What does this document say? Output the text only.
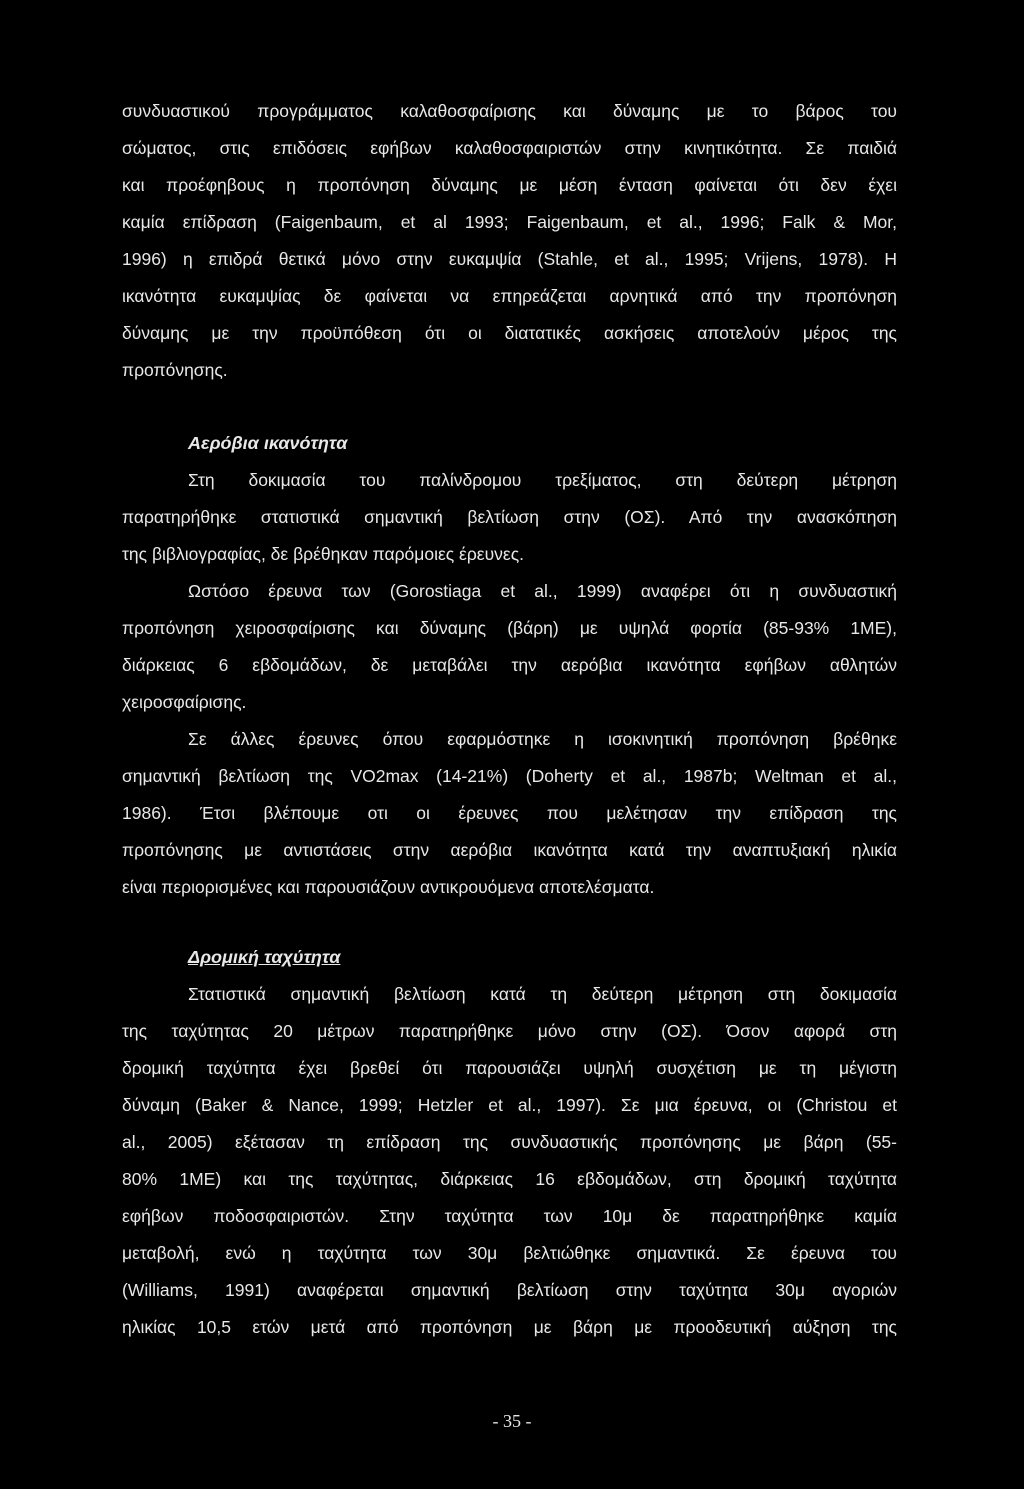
συνδυαστικού προγράμματος καλαθοσφαίρισης και δύναμης με το βάρος του
σώματος, στις επιδόσεις εφήβων καλαθοσφαιριστών στην κινητικότητα. Σε παιδιά
και προέφηβους η προπόνηση δύναμης με μέση ένταση φαίνεται ότι δεν έχει
καμία επίδραση (Faigenbaum, et al 1993; Faigenbaum, et al., 1996; Falk & Mor,
1996) η επιδρά θετικά μόνο στην ευκαμψία (Stahle, et al., 1995; Vrijens, 1978). Η
ικανότητα ευκαμψίας δε φαίνεται να επηρεάζεται αρνητικά από την προπόνηση
δύναμης με την προϋπόθεση ότι οι διατατικές ασκήσεις αποτελούν μέρος της
προπόνησης.
Αερόβια ικανότητα
Στη δοκιμασία του παλίνδρομου τρεξίματος, στη δεύτερη μέτρηση
παρατηρήθηκε στατιστικά σημαντική βελτίωση στην (ΟΣ). Από την ανασκόπηση
της βιβλιογραφίας, δε βρέθηκαν παρόμοιες έρευνες.
Ωστόσο έρευνα των (Gorostiaga et al., 1999) αναφέρει ότι η συνδυαστική
προπόνηση χειροσφαίρισης και δύναμης (βάρη) με υψηλά φορτία (85-93% 1ΜΕ),
διάρκειας 6 εβδομάδων, δε μεταβάλει την αερόβια ικανότητα εφήβων αθλητών
χειροσφαίρισης.
Σε άλλες έρευνες όπου εφαρμόστηκε η ισοκινητική προπόνηση βρέθηκε
σημαντική βελτίωση της VO2max (14-21%) (Doherty et al., 1987b; Weltman et al.,
1986). Έτσι βλέπουμε οτι οι έρευνες που μελέτησαν την επίδραση της
προπόνησης με αντιστάσεις στην αερόβια ικανότητα κατά την αναπτυξιακή ηλικία
είναι περιορισμένες και παρουσιάζουν αντικρουόμενα αποτελέσματα.
Δρομική ταχύτητα
Στατιστικά σημαντική βελτίωση κατά τη δεύτερη μέτρηση στη δοκιμασία
της ταχύτητας 20 μέτρων παρατηρήθηκε μόνο στην (ΟΣ). Όσον αφορά στη
δρομική ταχύτητα έχει βρεθεί ότι παρουσιάζει υψηλή συσχέτιση με τη μέγιστη
δύναμη (Baker & Nance, 1999; Hetzler et al., 1997). Σε μια έρευνα, οι (Christou et
al., 2005) εξέτασαν τη επίδραση της συνδυαστικής προπόνησης με βάρη (55-
80% 1ΜΕ) και της ταχύτητας, διάρκειας 16 εβδομάδων, στη δρομική ταχύτητα
εφήβων ποδοσφαιριστών. Στην ταχύτητα των 10μ δε παρατηρήθηκε καμία
μεταβολή, ενώ η ταχύτητα των 30μ βελτιώθηκε σημαντικά. Σε έρευνα του
(Williams, 1991) αναφέρεται σημαντική βελτίωση στην ταχύτητα 30μ αγοριών
ηλικίας 10,5 ετών μετά από προπόνηση με βάρη με προοδευτική αύξηση της
- 35 -
